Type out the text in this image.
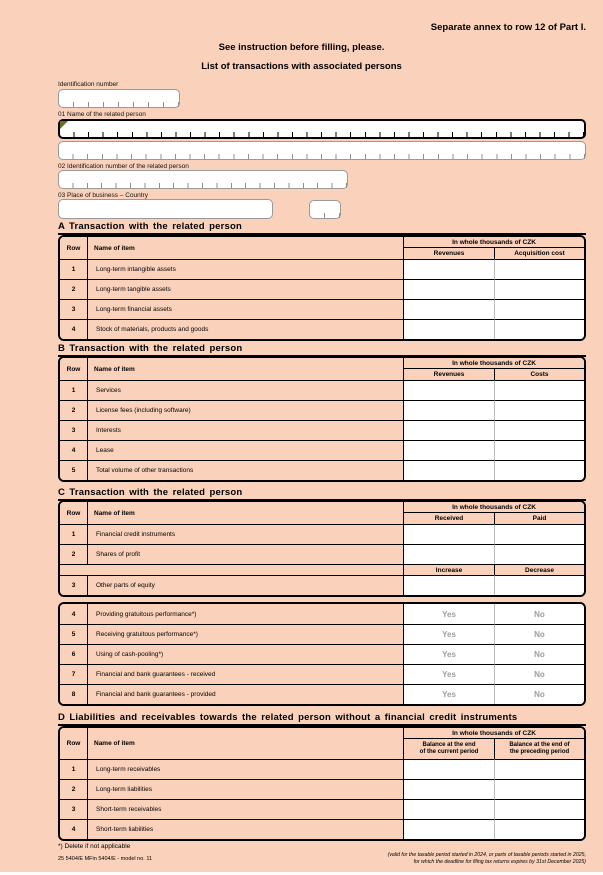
Separate annex to row 12 of Part I.
See instruction before filling, please.
List of transactions with associated persons
Identification number
01 Name of the related person
02 Identification number of the related person
03 Place of business – Country
A Transaction with the related person
Row	Name of item
In whole thousands of CZK
Revenues	Acquisition cost
1	Long-term intangible assets
2	Long-term tangible assets
3	Long-term financial assets
4	Stock of materials, products and goods
B Transaction with the related person
Row	Name of item
In whole thousands of CZK
Revenues	Costs
1	Services
2	License fees (including software)
3	Interests
4	Lease
5	Total volume of other transactions
C Transaction with the related person
Row	Name of item
In whole thousands of CZK
Received	Paid
1	Financial credit instruments
2	Shares of profit
Increase	Decrease
3	Other parts of equity
4	Providing gratuitous performance*)	Yes	No
5	Receiving gratuitous performance*)	Yes	No
6	Using of cash-pooling*)	Yes	No
7	Financial and bank guarantees - received	Yes	No
8	Financial and bank guarantees - provided	Yes	No
D Liabilities and receivables towards the related person without a financial credit instruments
Row	Name of item
In whole thousands of CZK
Balance at the end
of the current period
Balance at the end of
the preceding period
1	Long-term receivables
2	Long-term liabilities
3	Short-term receivables
4	Short-term liabilities
*) Delete if not applicable
25 5404/E MFin 5404/E - model no. 11
(valid for the taxable period started in 2024, or parts of taxable periods started in 2025,
for which the deadline for filing tax returns expires by 31st December 2025)
